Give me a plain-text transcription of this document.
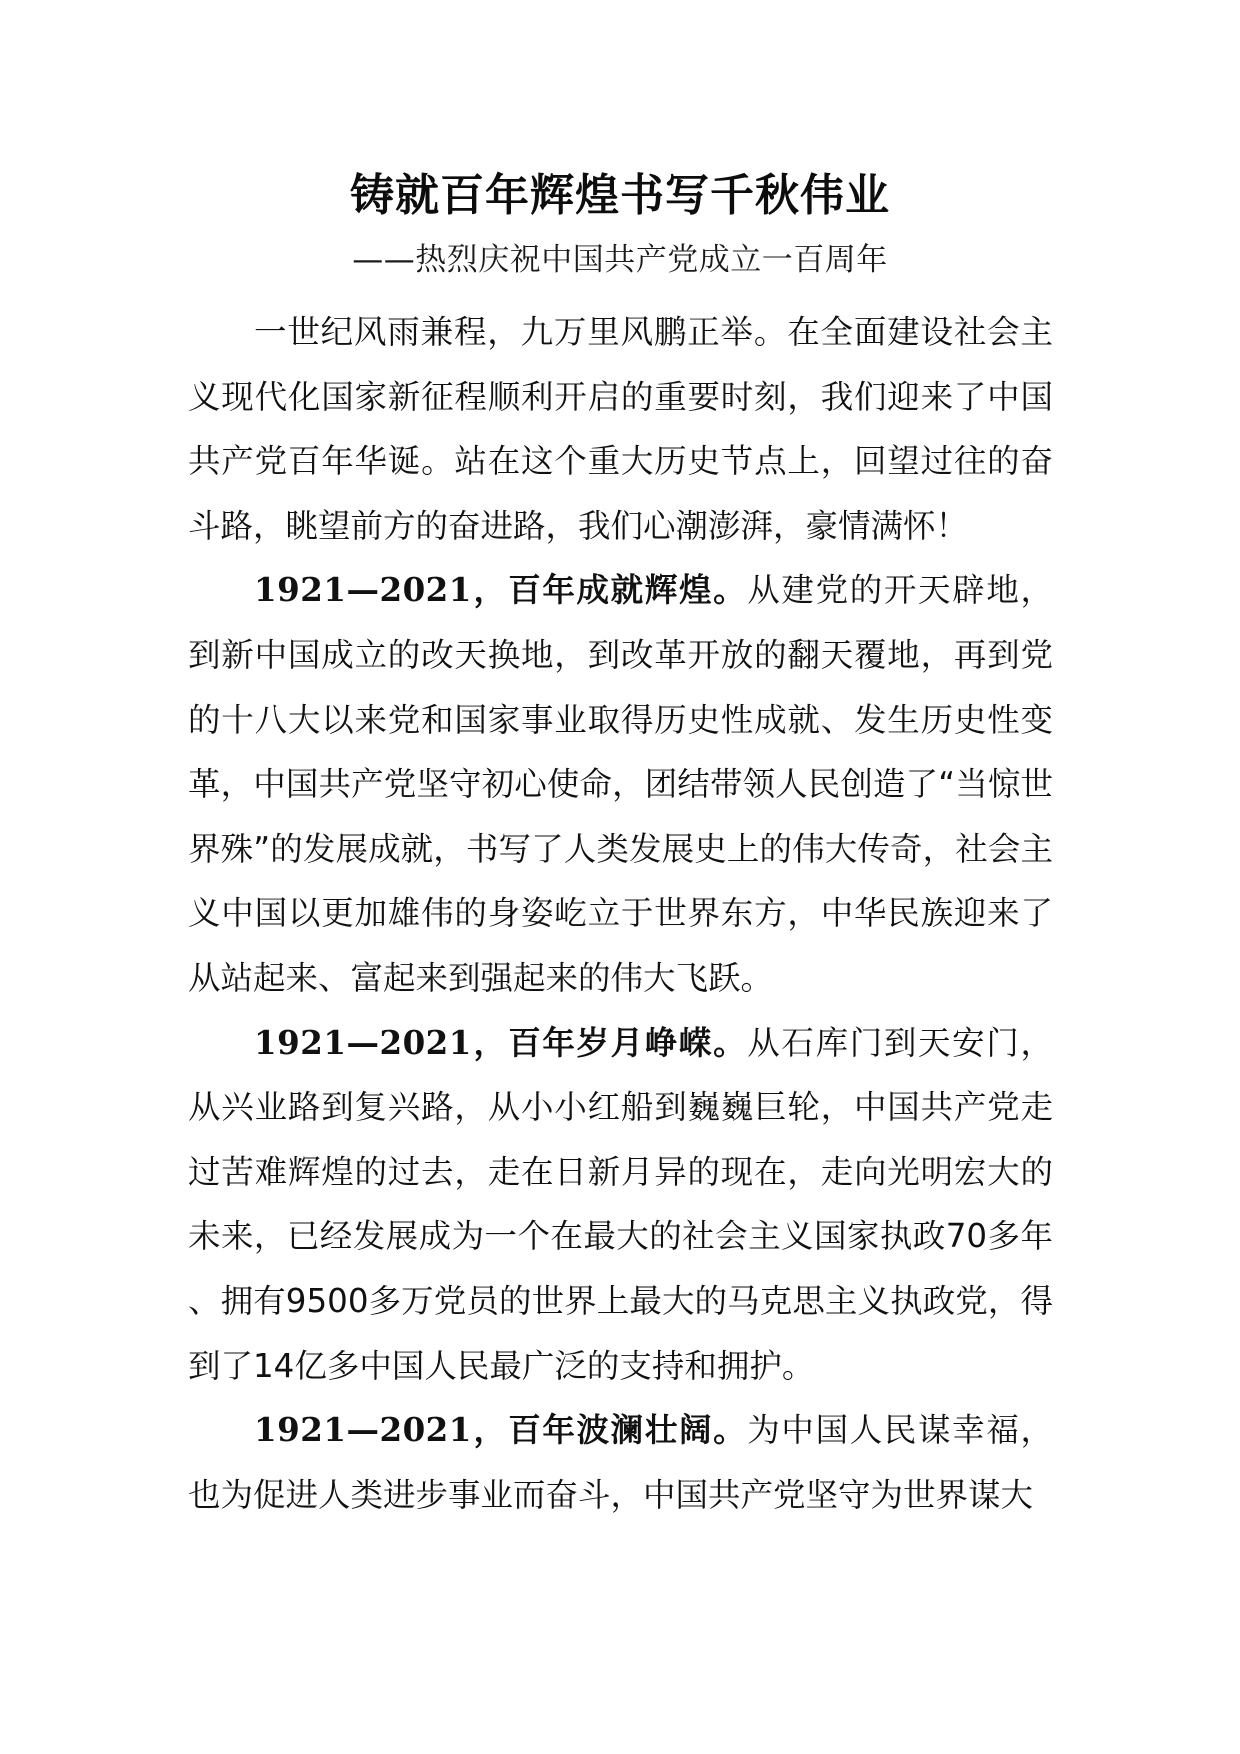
铸就百年辉煌书写千秋伟业
——热烈庆祝中国共产党成立一百周年

一世纪风雨兼程，九万里风鹏正举。在全面建设社会主义现代化国家新征程顺利开启的重要时刻，我们迎来了中国共产党百年华诞。站在这个重大历史节点上，回望过往的奋斗路，眺望前方的奋进路，我们心潮澎湃，豪情满怀！

1921—2021，百年成就辉煌。从建党的开天辟地，到新中国成立的改天换地，到改革开放的翻天覆地，再到党的十八大以来党和国家事业取得历史性成就、发生历史性变革，中国共产党坚守初心使命，团结带领人民创造了“当惊世界殊”的发展成就，书写了人类发展史上的伟大传奇，社会主义中国以更加雄伟的身姿屹立于世界东方，中华民族迎来了从站起来、富起来到强起来的伟大飞跃。

1921—2021，百年岁月峥嵘。从石库门到天安门，从兴业路到复兴路，从小小红船到巍巍巨轮，中国共产党走过苦难辉煌的过去，走在日新月异的现在，走向光明宏大的未来，已经发展成为一个在最大的社会主义国家执政70多年、拥有9500多万党员的世界上最大的马克思主义执政党，得到了14亿多中国人民最广泛的支持和拥护。

1921—2021，百年波澜壮阔。为中国人民谋幸福，也为促进人类进步事业而奋斗，中国共产党坚守为世界谋大
